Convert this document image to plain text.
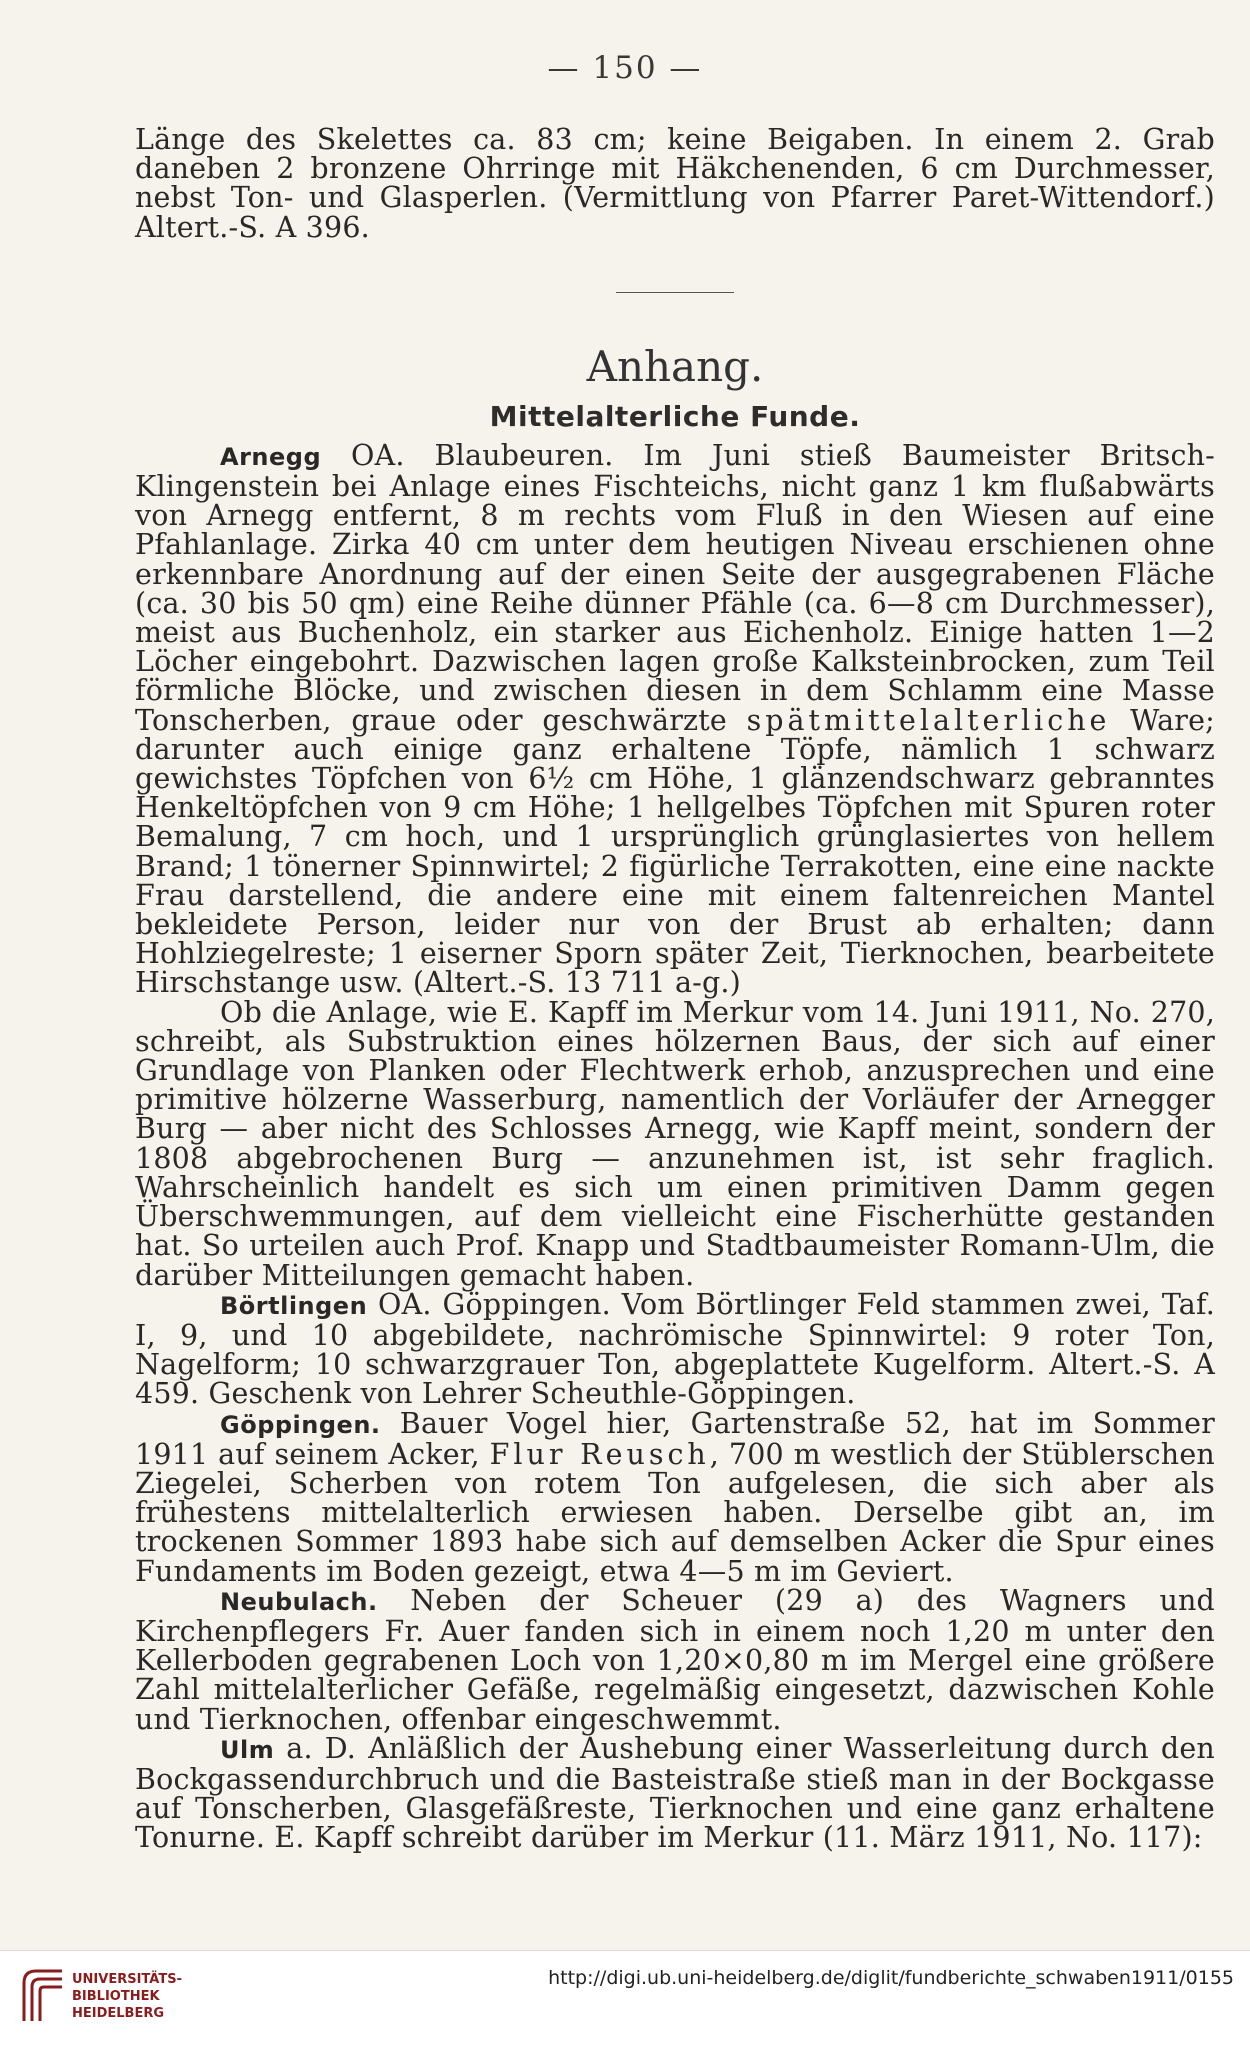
— 150 —

Länge des Skelettes ca. 83 cm; keine Beigaben. In einem 2. Grab daneben 2 bronzene Ohrringe mit Häkchenenden, 6 cm Durchmesser, nebst Ton- und Glasperlen. (Vermittlung von Pfarrer Paret-Wittendorf.) Altert.-S. A 396.

Anhang.
Mittelalterliche Funde.

Arnegg OA. Blaubeuren. Im Juni stieß Baumeister Britsch-Klingenstein bei Anlage eines Fischteichs, nicht ganz 1 km flußabwärts von Arnegg entfernt, 8 m rechts vom Fluß in den Wiesen auf eine Pfahlanlage. Zirka 40 cm unter dem heutigen Niveau erschienen ohne erkennbare Anordnung auf der einen Seite der ausgegrabenen Fläche (ca. 30 bis 50 qm) eine Reihe dünner Pfähle (ca. 6—8 cm Durchmesser), meist aus Buchenholz, ein starker aus Eichenholz. Einige hatten 1—2 Löcher eingebohrt. Dazwischen lagen große Kalksteinbrocken, zum Teil förmliche Blöcke, und zwischen diesen in dem Schlamm eine Masse Tonscherben, graue oder geschwärzte spätmittelalterliche Ware; darunter auch einige ganz erhaltene Töpfe, nämlich 1 schwarz gewichstes Töpfchen von 6½ cm Höhe, 1 glänzendschwarz gebranntes Henkeltöpfchen von 9 cm Höhe; 1 hellgelbes Töpfchen mit Spuren roter Bemalung, 7 cm hoch, und 1 ursprünglich grünglasiertes von hellem Brand; 1 tönerner Spinnwirtel; 2 figürliche Terrakotten, eine eine nackte Frau darstellend, die andere eine mit einem faltenreichen Mantel bekleidete Person, leider nur von der Brust ab erhalten; dann Hohlziegelreste; 1 eiserner Sporn später Zeit, Tierknochen, bearbeitete Hirschstange usw. (Altert.-S. 13 711 a-g.)

Ob die Anlage, wie E. Kapff im Merkur vom 14. Juni 1911, No. 270, schreibt, als Substruktion eines hölzernen Baus, der sich auf einer Grundlage von Planken oder Flechtwerk erhob, anzusprechen und eine primitive hölzerne Wasserburg, namentlich der Vorläufer der Arnegger Burg — aber nicht des Schlosses Arnegg, wie Kapff meint, sondern der 1808 abgebrochenen Burg — anzunehmen ist, ist sehr fraglich. Wahrscheinlich handelt es sich um einen primitiven Damm gegen Überschwemmungen, auf dem vielleicht eine Fischerhütte gestanden hat. So urteilen auch Prof. Knapp und Stadtbaumeister Romann-Ulm, die darüber Mitteilungen gemacht haben.

Börtlingen OA. Göppingen. Vom Börtlinger Feld stammen zwei, Taf. I, 9, und 10 abgebildete, nachrömische Spinnwirtel: 9 roter Ton, Nagelform; 10 schwarzgrauer Ton, abgeplattete Kugelform. Altert.-S. A 459. Geschenk von Lehrer Scheuthle-Göppingen.

Göppingen. Bauer Vogel hier, Gartenstraße 52, hat im Sommer 1911 auf seinem Acker, Flur Reusch, 700 m westlich der Stüblerschen Ziegelei, Scherben von rotem Ton aufgelesen, die sich aber als frühestens mittelalterlich erwiesen haben. Derselbe gibt an, im trockenen Sommer 1893 habe sich auf demselben Acker die Spur eines Fundaments im Boden gezeigt, etwa 4—5 m im Geviert.

Neubulach. Neben der Scheuer (29 a) des Wagners und Kirchenpflegers Fr. Auer fanden sich in einem noch 1,20 m unter den Kellerboden gegrabenen Loch von 1,20×0,80 m im Mergel eine größere Zahl mittelalterlicher Gefäße, regelmäßig eingesetzt, dazwischen Kohle und Tierknochen, offenbar eingeschwemmt.

Ulm a. D. Anläßlich der Aushebung einer Wasserleitung durch den Bockgassendurchbruch und die Basteistraße stieß man in der Bockgasse auf Tonscherben, Glasgefäßreste, Tierknochen und eine ganz erhaltene Tonurne. E. Kapff schreibt darüber im Merkur (11. März 1911, No. 117):

UNIVERSITÄTS-
BIBLIOTHEK
HEIDELBERG
http://digi.ub.uni-heidelberg.de/diglit/fundberichte_schwaben1911/0155
